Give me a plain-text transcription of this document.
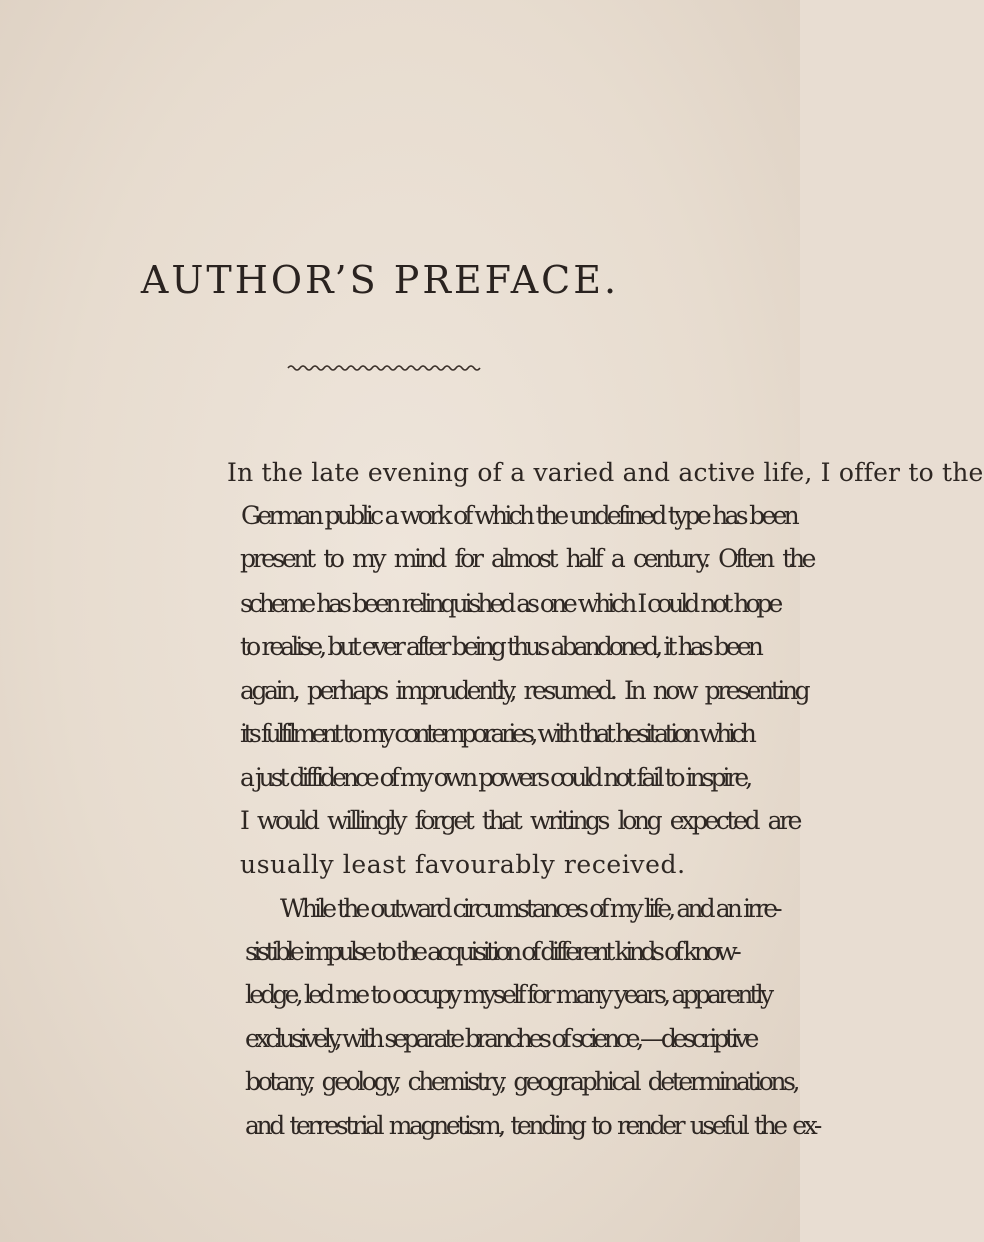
AUTHOR’S PREFACE.
In the late evening of a varied and active life, I offer to the
German public a work of which the undefined type has been
present to my mind for almost half a century. Often the
scheme has been relinquished as one which I could not hope
to realise, but ever after being thus abandoned, it has been
again, perhaps imprudently, resumed. In now presenting
its fulfilment to my contemporaries, with that hesitation which
a just diffidence of my own powers could not fail to inspire,
I would willingly forget that writings long expected are
usually least favourably received.
While the outward circumstances of my life, and an irre-
sistible impulse to the acquisition of different kinds of know-
ledge, led me to occupy myself for many years, apparently
exclusively, with separate branches of science,—descriptive
botany, geology, chemistry, geographical determinations,
and terrestrial magnetism, tending to render useful the ex-
